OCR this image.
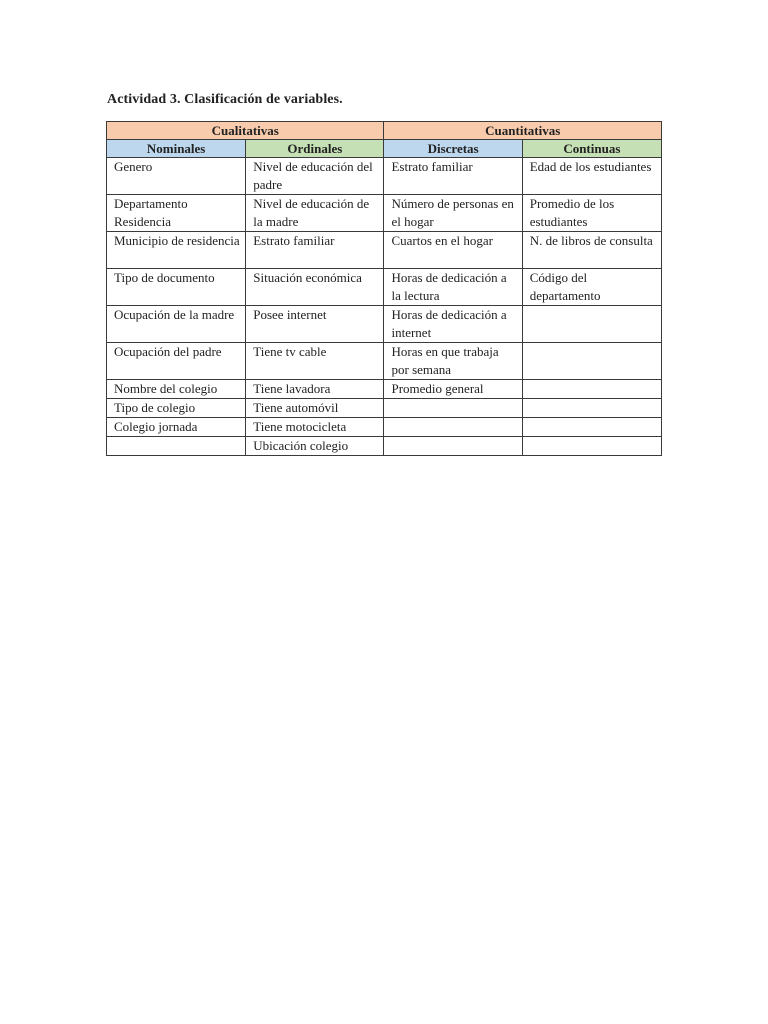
Actividad 3. Clasificación de variables.
Cualitativas		Cuantitativas	
Nominales	Ordinales	Discretas	Continuas
Genero	Nivel de educación del padre	Estrato familiar	Edad de los estudiantes
Departamento Residencia	Nivel de educación de la madre	Número de personas en el hogar	Promedio de los estudiantes
Municipio de residencia	Estrato familiar	Cuartos en el hogar	N. de libros de consulta
Tipo de documento	Situación económica	Horas de dedicación a la lectura	Código del departamento
Ocupación de la madre	Posee internet	Horas de dedicación a internet	
Ocupación del padre	Tiene tv cable	Horas en que trabaja por semana	
Nombre del colegio	Tiene lavadora	Promedio general	
Tipo de colegio	Tiene automóvil		
Colegio jornada	Tiene motocicleta		
	Ubicación colegio		
